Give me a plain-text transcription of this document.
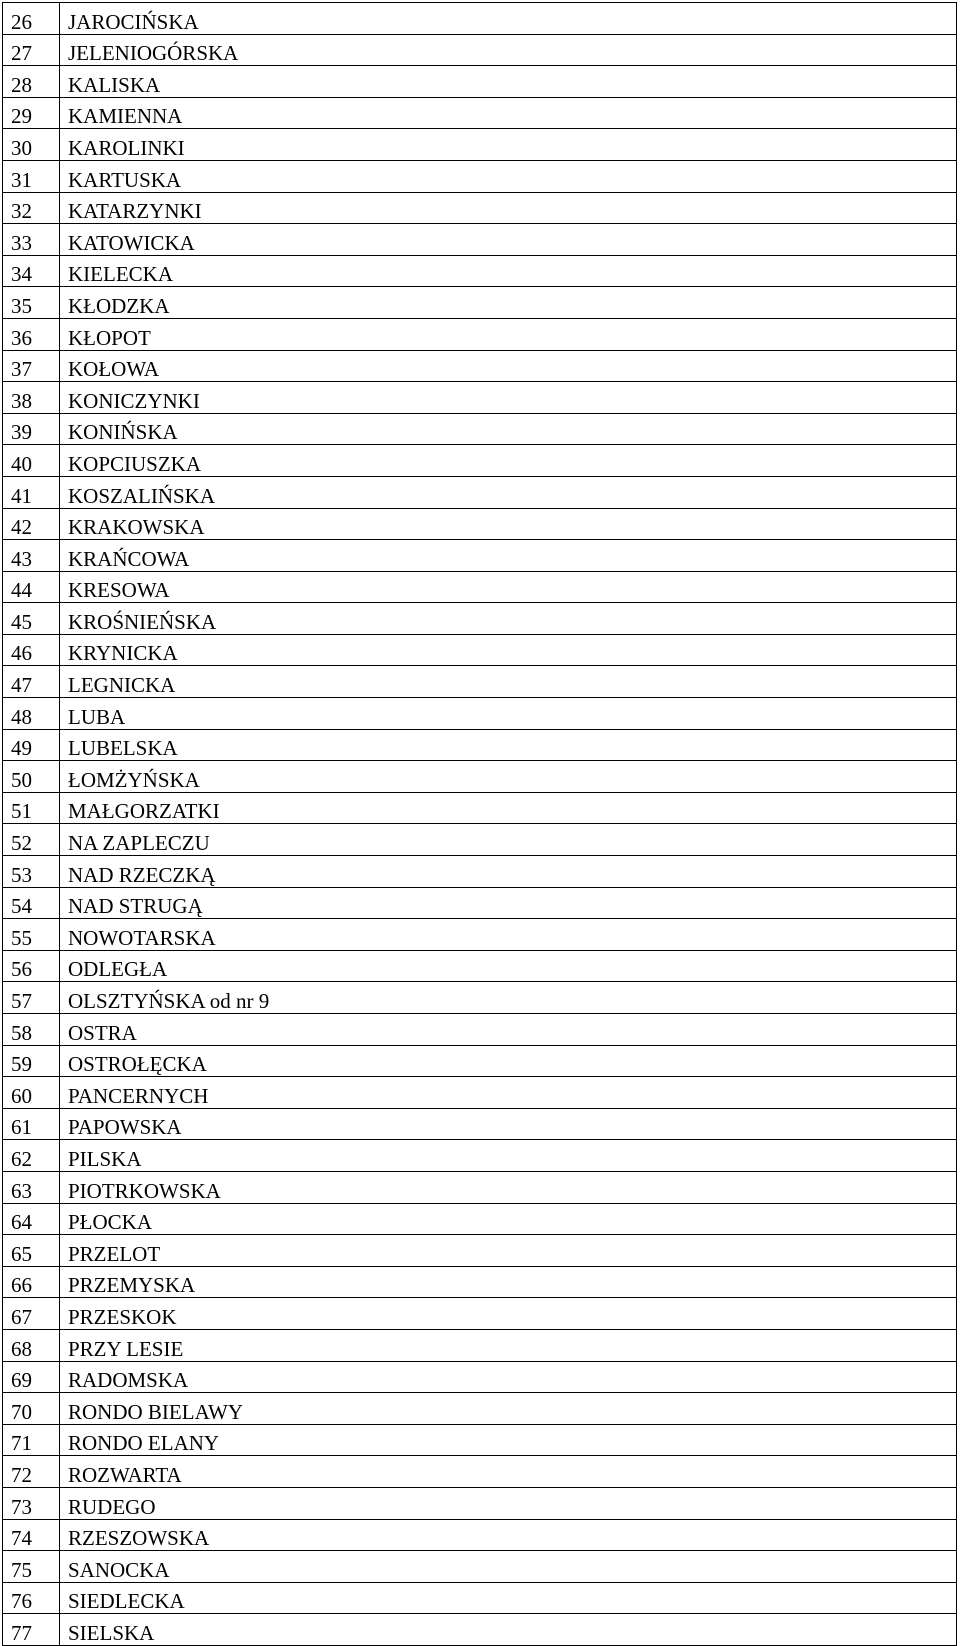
26	JAROCIŃSKA
27	JELENIOGÓRSKA
28	KALISKA
29	KAMIENNA
30	KAROLINKI
31	KARTUSKA
32	KATARZYNKI
33	KATOWICKA
34	KIELECKA
35	KŁODZKA
36	KŁOPOT
37	KOŁOWA
38	KONICZYNKI
39	KONIŃSKA
40	KOPCIUSZKA
41	KOSZALIŃSKA
42	KRAKOWSKA
43	KRAŃCOWA
44	KRESOWA
45	KROŚNIEŃSKA
46	KRYNICKA
47	LEGNICKA
48	LUBA
49	LUBELSKA
50	ŁOMŻYŃSKA
51	MAŁGORZATKI
52	NA ZAPLECZU
53	NAD RZECZKĄ
54	NAD STRUGĄ
55	NOWOTARSKA
56	ODLEGŁA
57	OLSZTYŃSKA od nr 9
58	OSTRA
59	OSTROŁĘCKA
60	PANCERNYCH
61	PAPOWSKA
62	PILSKA
63	PIOTRKOWSKA
64	PŁOCKA
65	PRZELOT
66	PRZEMYSKA
67	PRZESKOK
68	PRZY LESIE
69	RADOMSKA
70	RONDO BIELAWY
71	RONDO ELANY
72	ROZWARTA
73	RUDEGO
74	RZESZOWSKA
75	SANOCKA
76	SIEDLECKA
77	SIELSKA
